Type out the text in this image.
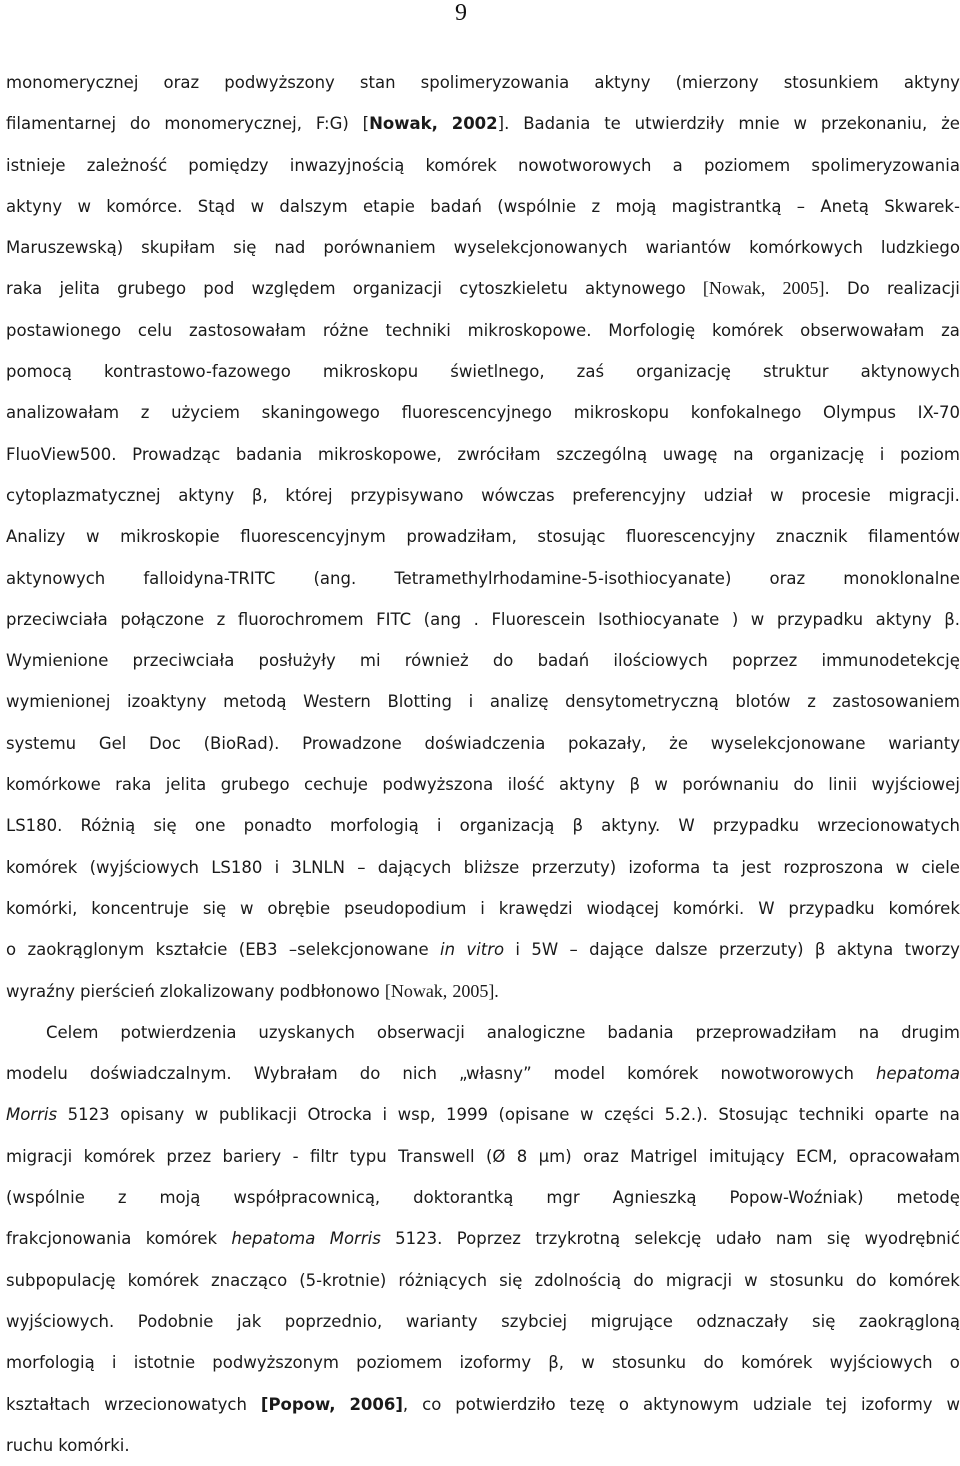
9
monomerycznej oraz podwyższony stan spolimeryzowania aktyny (mierzony stosunkiem aktyny
filamentarnej do monomerycznej, F:G) [Nowak, 2002]. Badania te utwierdziły mnie w przekonaniu, że
istnieje zależność pomiędzy inwazyjnością komórek nowotworowych a poziomem spolimeryzowania
aktyny w komórce. Stąd w dalszym etapie badań (wspólnie z moją magistrantką – Anetą Skwarek-
Maruszewską) skupiłam się nad porównaniem wyselekcjonowanych wariantów komórkowych ludzkiego
raka jelita grubego pod względem organizacji cytoszkieletu aktynowego [Nowak, 2005]. Do realizacji
postawionego celu zastosowałam różne techniki mikroskopowe. Morfologię komórek obserwowałam za
pomocą kontrastowo-fazowego mikroskopu świetlnego, zaś organizację struktur aktynowych
analizowałam z użyciem skaningowego fluorescencyjnego mikroskopu konfokalnego Olympus IX-70
FluoView500. Prowadząc badania mikroskopowe, zwróciłam szczególną uwagę na organizację i poziom
cytoplazmatycznej aktyny β, której przypisywano wówczas preferencyjny udział w procesie migracji.
Analizy w mikroskopie fluorescencyjnym prowadziłam, stosując fluorescencyjny znacznik filamentów
aktynowych falloidyna-TRITC (ang. Tetramethylrhodamine-5-isothiocyanate) oraz monoklonalne
przeciwciała połączone z fluorochromem FITC (ang . Fluorescein Isothiocyanate ) w przypadku aktyny β.
Wymienione przeciwciała posłużyły mi również do badań ilościowych poprzez immunodetekcję
wymienionej izoaktyny metodą Western Blotting i analizę densytometryczną blotów z zastosowaniem
systemu Gel Doc (BioRad). Prowadzone doświadczenia pokazały, że wyselekcjonowane warianty
komórkowe raka jelita grubego cechuje podwyższona ilość aktyny β w porównaniu do linii wyjściowej
LS180. Różnią się one ponadto morfologią i organizacją β aktyny. W przypadku wrzecionowatych
komórek (wyjściowych LS180 i 3LNLN – dających bliższe przerzuty) izoforma ta jest rozproszona w ciele
komórki, koncentruje się w obrębie pseudopodium i krawędzi wiodącej komórki. W przypadku komórek
o zaokrąglonym kształcie (EB3 –selekcjonowane in vitro i 5W – dające dalsze przerzuty) β aktyna tworzy
wyraźny pierścień zlokalizowany podbłonowo [Nowak, 2005].
Celem potwierdzenia uzyskanych obserwacji analogiczne badania przeprowadziłam na drugim
modelu doświadczalnym. Wybrałam do nich „własny” model komórek nowotworowych hepatoma
Morris 5123 opisany w publikacji Otrocka i wsp, 1999 (opisane w części 5.2.). Stosując techniki oparte na
migracji komórek przez bariery - filtr typu Transwell (Ø 8 μm) oraz Matrigel imitujący ECM, opracowałam
(wspólnie z moją współpracownicą, doktorantką mgr Agnieszką Popow-Woźniak) metodę
frakcjonowania komórek hepatoma Morris 5123. Poprzez trzykrotną selekcję udało nam się wyodrębnić
subpopulację komórek znacząco (5-krotnie) różniących się zdolnością do migracji w stosunku do komórek
wyjściowych. Podobnie jak poprzednio, warianty szybciej migrujące odznaczały się zaokrągloną
morfologią i istotnie podwyższonym poziomem izoformy β, w stosunku do komórek wyjściowych o
kształtach wrzecionowatych [Popow, 2006], co potwierdziło tezę o aktynowym udziale tej izoformy w
ruchu komórki.
